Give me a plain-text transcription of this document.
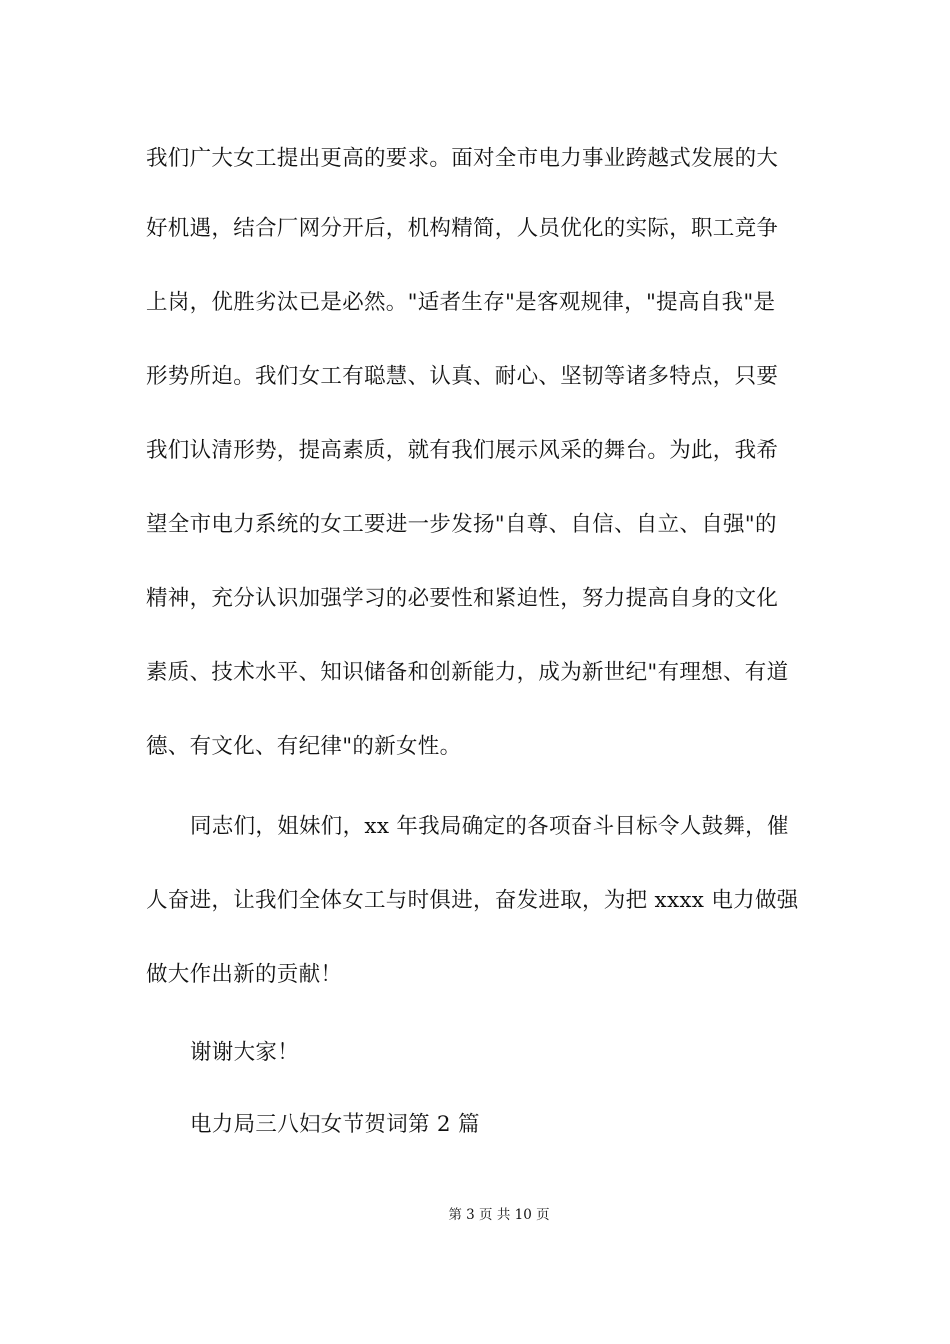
我们广大女工提出更高的要求。面对全市电力事业跨越式发展的大
好机遇，结合厂网分开后，机构精简，人员优化的实际，职工竞争
上岗，优胜劣汰已是必然。"适者生存"是客观规律，"提高自我"是
形势所迫。我们女工有聪慧、认真、耐心、坚韧等诸多特点，只要
我们认清形势，提高素质，就有我们展示风采的舞台。为此，我希
望全市电力系统的女工要进一步发扬"自尊、自信、自立、自强"的
精神，充分认识加强学习的必要性和紧迫性，努力提高自身的文化
素质、技术水平、知识储备和创新能力，成为新世纪"有理想、有道
德、有文化、有纪律"的新女性。
同志们，姐妹们，xx 年我局确定的各项奋斗目标令人鼓舞，催
人奋进，让我们全体女工与时俱进，奋发进取，为把 xxxx 电力做强
做大作出新的贡献！
谢谢大家！
电力局三八妇女节贺词第 2 篇
第 3 页 共 10 页
